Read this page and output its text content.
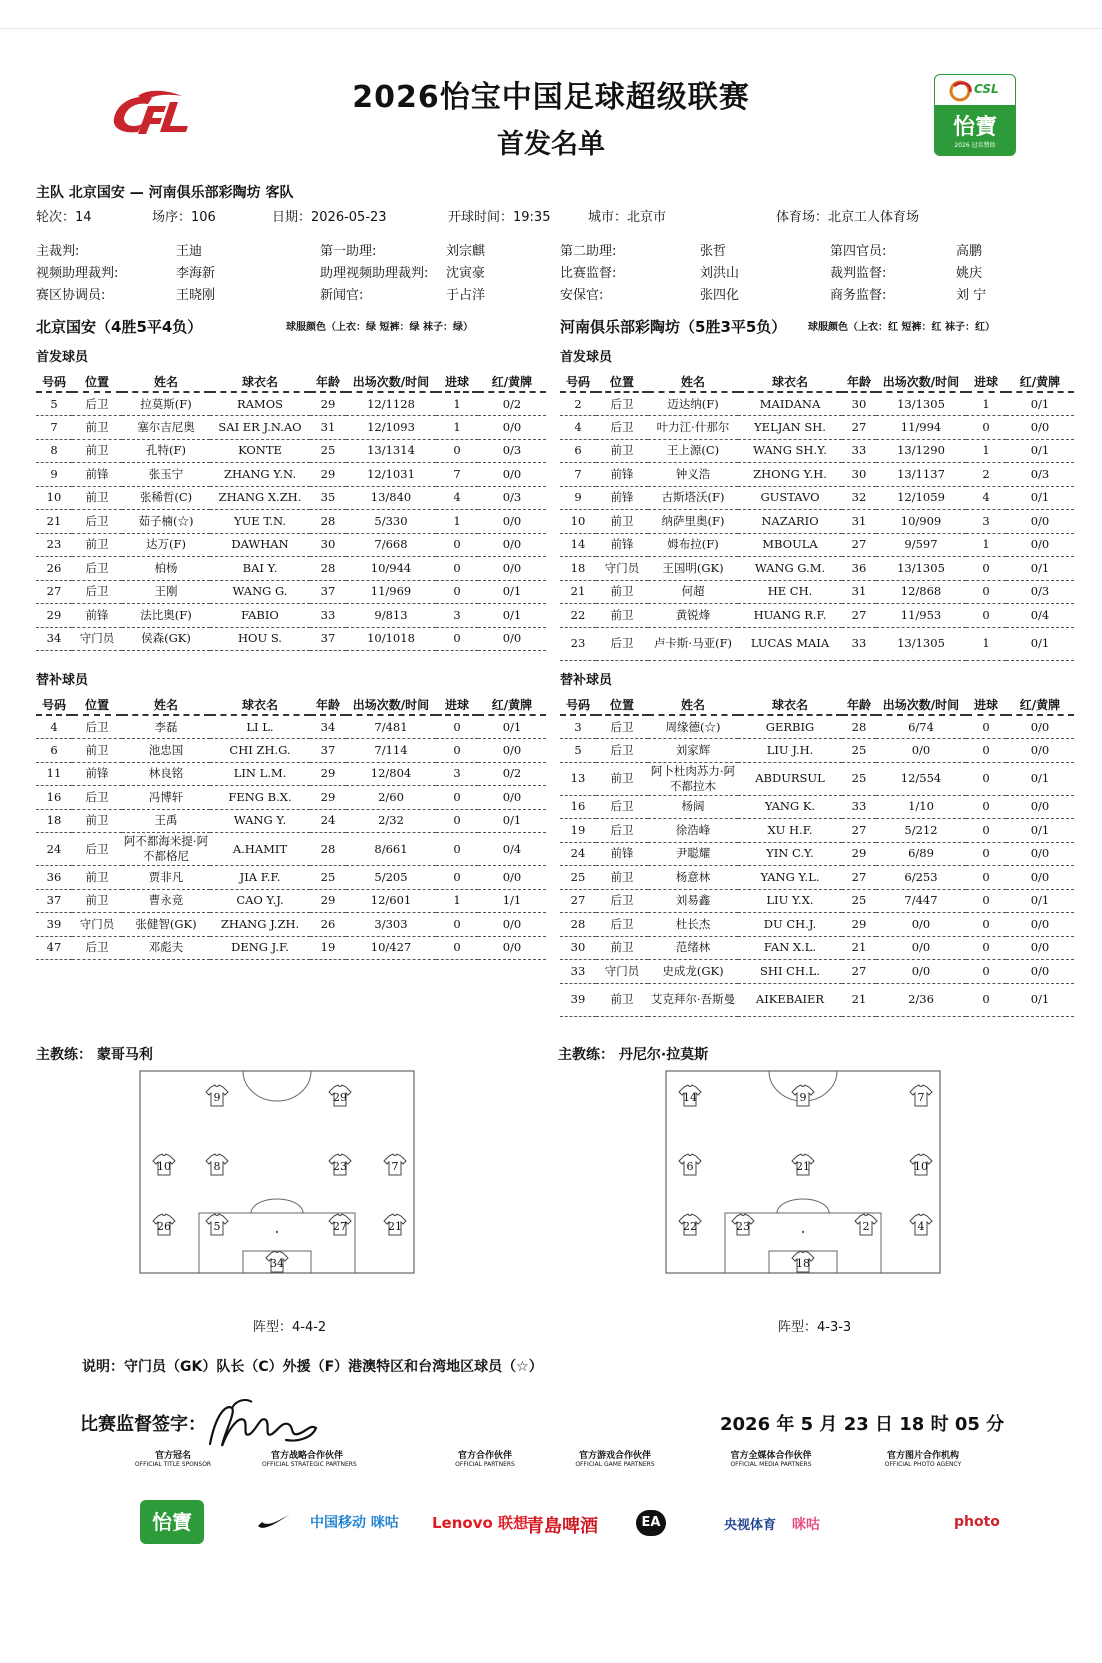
CSL
怡寶
2026 冠名赞助
2026怡宝中国足球超级联赛
首发名单
主队 北京国安 — 河南俱乐部彩陶坊 客队
轮次：14	场序：106	日期：2026-05-23	开球时间：19:35	城市：北京市	体育场：北京工人体育场
主裁判:	王迪	第一助理:	刘宗麒	第二助理:	张哲	第四官员:	高鹏
视频助理裁判:	李海新	助理视频助理裁判: 沈寅豪	比赛监督:	刘洪山	裁判监督:	姚庆
赛区协调员:	王晓刚	新闻官:	于占洋	安保官:	张四化	商务监督:	刘 宁
北京国安（4胜5平4负）	球服颜色（上衣：绿 短裤：绿 袜子：绿）	河南俱乐部彩陶坊（5胜3平5负） 球服颜色（上衣：红 短裤：红 袜子：红）
首发球员	首发球员
号码	位置	姓名	球衣名	年龄	出场次数/时间	进球	红/黄牌
5	后卫	拉莫斯(F)	RAMOS	29	12/1128	1	0/2
7	前卫	塞尔吉尼奥	SAI ER J.N.AO	31	12/1093	1	0/0
8	前卫	孔特(F)	KONTE	25	13/1314	0	0/3
9	前锋	张玉宁	ZHANG Y.N.	29	12/1031	7	0/0
10	前卫	张稀哲(C)	ZHANG X.ZH.	35	13/840	4	0/3
21	后卫	茹子楠(☆)	YUE T.N.	28	5/330	1	0/0
23	前卫	达万(F)	DAWHAN	30	7/668	0	0/0
26	后卫	柏杨	BAI Y.	28	10/944	0	0/0
27	后卫	王刚	WANG G.	37	11/969	0	0/1
29	前锋	法比奥(F)	FABIO	33	9/813	3	0/1
34	守门员	侯森(GK)	HOU S.	37	10/1018	0	0/0
号码	位置	姓名	球衣名	年龄	出场次数/时间	进球	红/黄牌
2	后卫	迈达纳(F)	MAIDANA	30	13/1305	1	0/1
4	后卫	叶力江·什那尔	YELJAN SH.	27	11/994	0	0/0
6	前卫	王上源(C)	WANG SH.Y.	33	13/1290	1	0/1
7	前锋	钟义浩	ZHONG Y.H.	30	13/1137	2	0/3
9	前锋	古斯塔沃(F)	GUSTAVO	32	12/1059	4	0/1
10	前卫	纳萨里奥(F)	NAZARIO	31	10/909	3	0/0
14	前锋	姆布拉(F)	MBOULA	27	9/597	1	0/0
18	守门员	王国明(GK)	WANG G.M.	36	13/1305	0	0/1
21	前卫	何超	HE CH.	31	12/868	0	0/3
22	前卫	黄锐烽	HUANG R.F.	27	11/953	0	0/4
23	后卫	卢卡斯·马亚(F)	LUCAS MAIA	33	13/1305	1	0/1
替补球员	替补球员
号码	位置	姓名	球衣名	年龄	出场次数/时间	进球	红/黄牌
4	后卫	李磊	LI L.	34	7/481	0	0/1
6	前卫	池忠国	CHI ZH.G.	37	7/114	0	0/0
11	前锋	林良铭	LIN L.M.	29	12/804	3	0/2
16	后卫	冯博轩	FENG B.X.	29	2/60	0	0/0
18	前卫	王禹	WANG Y.	24	2/32	0	0/1
24	后卫	阿不都海米提·阿不都格尼	A.HAMIT	28	8/661	0	0/4
36	前卫	贾非凡	JIA F.F.	25	5/205	0	0/0
37	前卫	曹永竞	CAO Y.J.	29	12/601	1	1/1
39	守门员	张健智(GK)	ZHANG J.ZH.	26	3/303	0	0/0
47	后卫	邓彪夫	DENG J.F.	19	10/427	0	0/0
号码	位置	姓名	球衣名	年龄	出场次数/时间	进球	红/黄牌
3	后卫	周缘德(☆)	GERBIG	28	6/74	0	0/0
5	后卫	刘家辉	LIU J.H.	25	0/0	0	0/0
13	前卫	阿卜杜肉苏力·阿不都拉木	ABDURSUL	25	12/554	0	0/1
16	后卫	杨阔	YANG K.	33	1/10	0	0/0
19	后卫	徐浩峰	XU H.F.	27	5/212	0	0/1
24	前锋	尹聪耀	YIN C.Y.	29	6/89	0	0/0
25	前卫	杨意林	YANG Y.L.	27	6/253	0	0/0
27	后卫	刘易鑫	LIU Y.X.	25	7/447	0	0/1
28	后卫	杜长杰	DU CH.J.	29	0/0	0	0/0
30	前卫	范绪林	FAN X.L.	21	0/0	0	0/0
33	守门员	史成龙(GK)	SHI CH.L.	27	0/0	0	0/0
39	前卫	艾克拜尔·吾斯曼	AIKEBAIER	21	2/36	0	0/1
主教练： 蒙哥马利	主教练： 丹尼尔·拉莫斯
9	29
10	8	23	7
26	5	27	21
34
14	9	7
6	21	10
22	23	2	4
18
阵型：4-4-2	阵型：4-3-3
说明：守门员（GK）队长（C）外援（F）港澳特区和台湾地区球员（☆）
比赛监督签字：	2026 年 5 月 23 日 18 时 05 分
官方冠名
OFFICIAL TITLE SPONSOR
官方战略合作伙伴
OFFICIAL STRATEGIC PARTNERS
官方合作伙伴
OFFICIAL PARTNERS
官方游戏合作伙伴
OFFICIAL GAME PARTNERS
官方全媒体合作伙伴
OFFICIAL MEDIA PARTNERS
官方图片合作机构
OFFICIAL PHOTO AGENCY
怡寶	中国移动 咪咕 Lenovo 联想
青島啤酒	EA	央视体育 咪咕	photo
